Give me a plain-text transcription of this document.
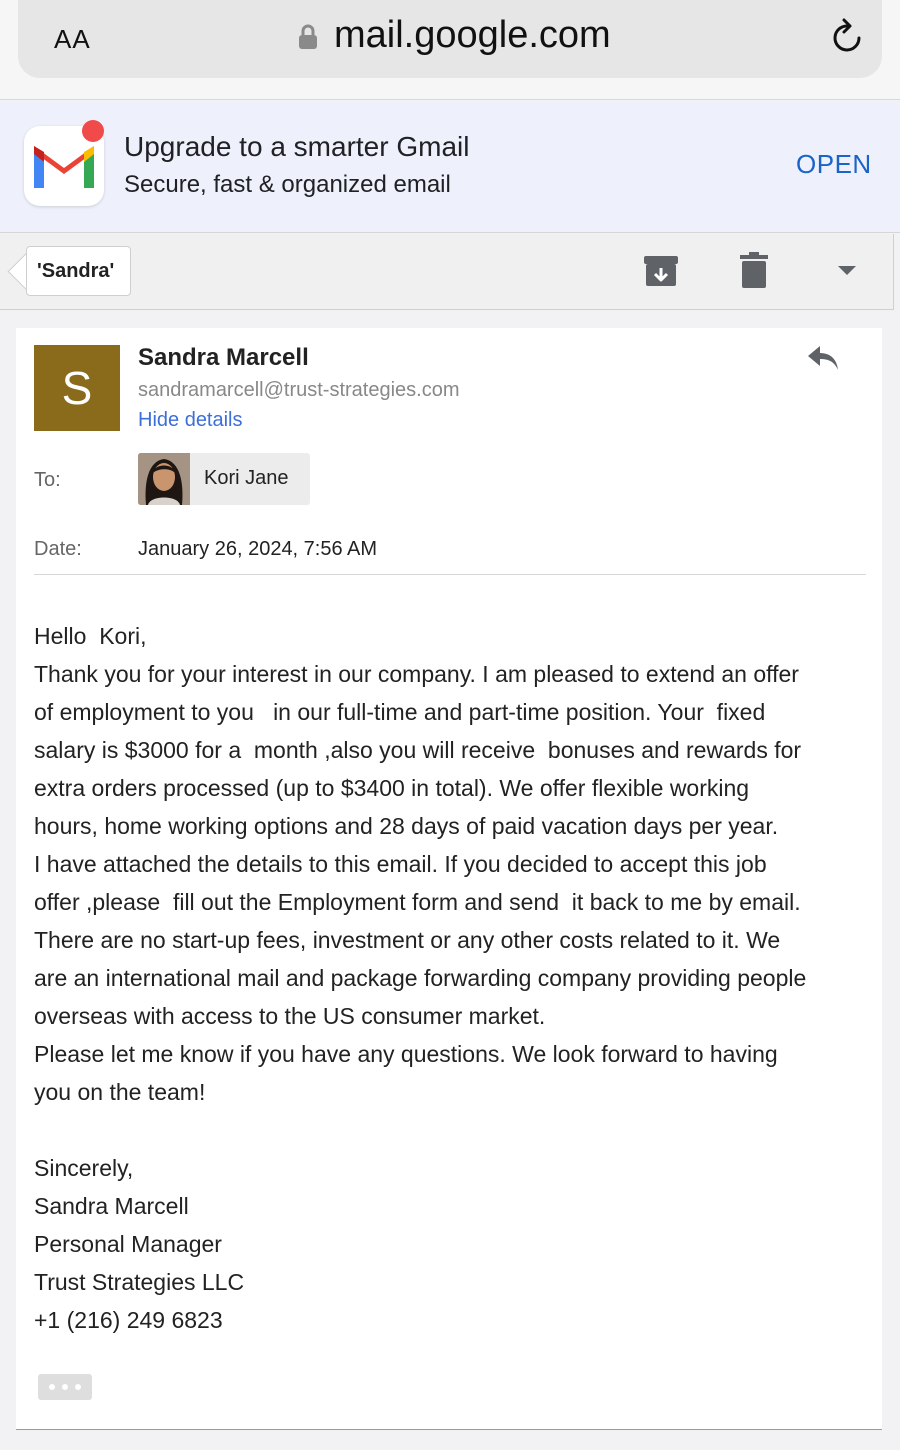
AA	mail.google.com
Upgrade to a smarter Gmail
Secure, fast & organized email
OPEN
'Sandra'
S
Sandra Marcell
sandramarcell@trust-strategies.com
Hide details
To:	Kori Jane
Date:	January 26, 2024, 7:56 AM

Hello  Kori,

Thank you for your interest in our company. I am pleased to extend an offer

of employment to you   in our full-time and part-time position. Your  fixed

salary is $3000 for a  month ,also you will receive  bonuses and rewards for

extra orders processed (up to $3400 in total). We offer flexible working

hours, home working options and 28 days of paid vacation days per year.

I have attached the details to this email. If you decided to accept this job

offer ,please  fill out the Employment form and send  it back to me by email.

There are no start-up fees, investment or any other costs related to it. We

are an international mail and package forwarding company providing people

overseas with access to the US consumer market.

Please let me know if you have any questions. We look forward to having

you on the team!

Sincerely,

Sandra Marcell

Personal Manager

Trust Strategies LLC

+1 (216) 249 6823
